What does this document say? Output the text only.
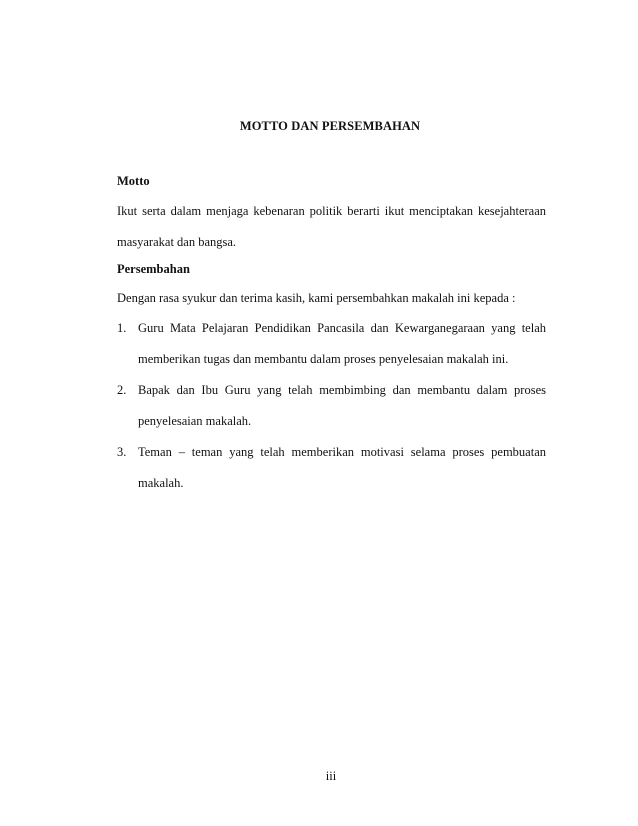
MOTTO DAN PERSEMBAHAN
Motto
Ikut serta dalam menjaga kebenaran politik berarti ikut menciptakan kesejahteraan
masyarakat dan bangsa.
Persembahan
Dengan rasa syukur dan terima kasih, kami persembahkan makalah ini kepada :
1. Guru Mata Pelajaran Pendidikan Pancasila dan Kewarganegaraan yang telah
memberikan tugas dan membantu dalam proses penyelesaian makalah ini.
2. Bapak dan Ibu Guru yang telah membimbing dan membantu dalam proses
penyelesaian makalah.
3. Teman – teman yang telah memberikan motivasi selama proses pembuatan
makalah.
iii
